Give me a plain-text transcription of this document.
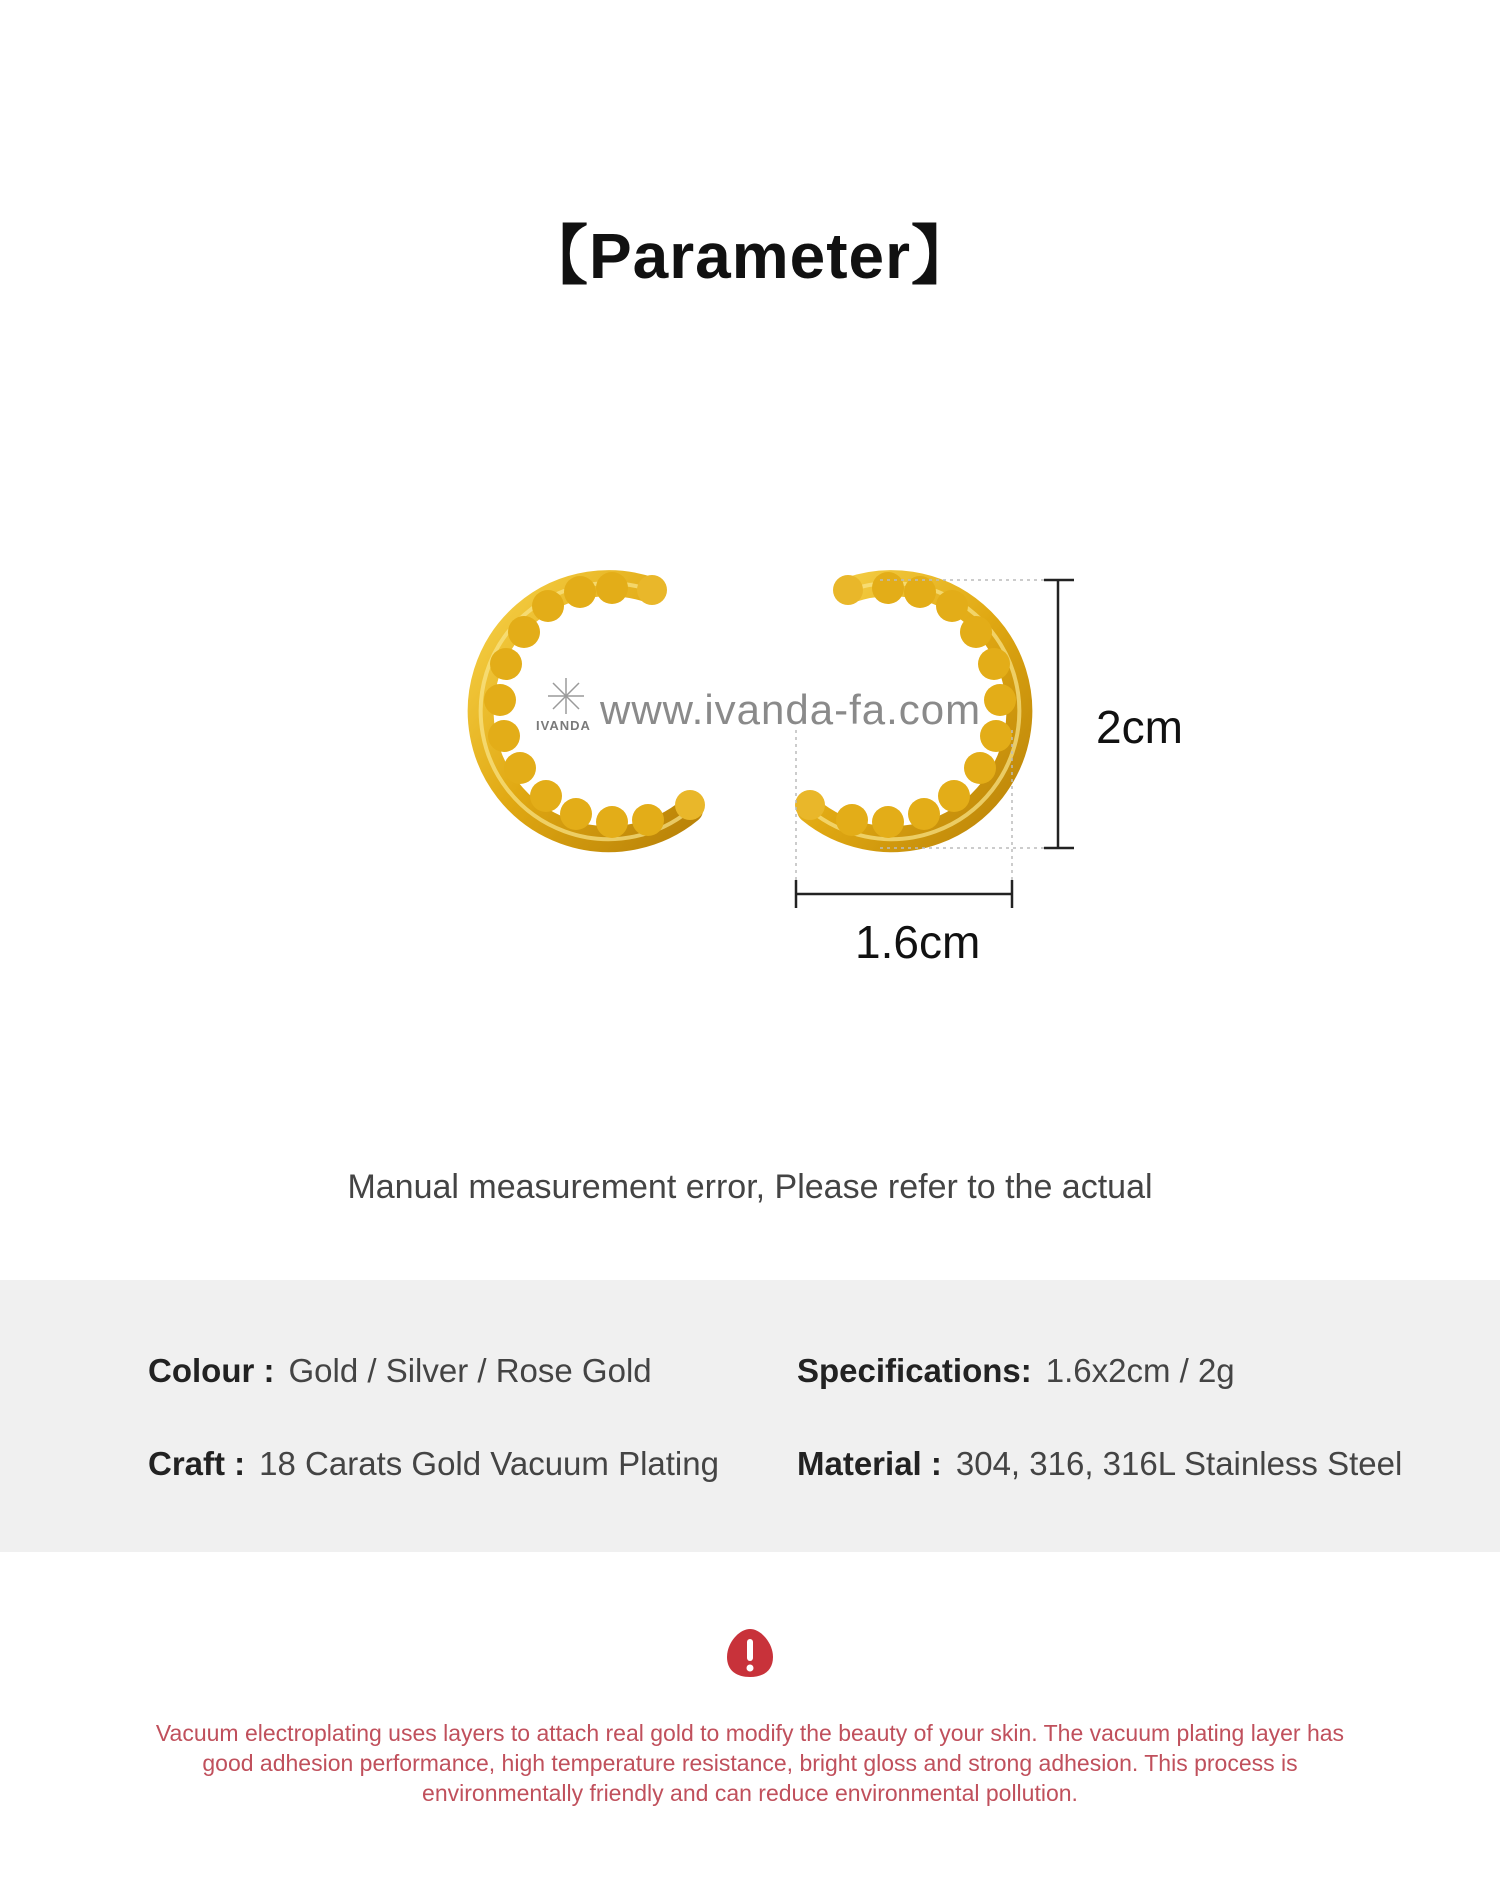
【Parameter】
IVANDA www.ivanda-fa.com 2cm
1.6cm
Manual measurement error, Please refer to the actual
Colour : Gold / Silver / Rose Gold	Specifications: 1.6x2cm / 2g
Craft : 18 Carats Gold Vacuum Plating Material : 304, 316, 316L Stainless Steel
Vacuum electroplating uses layers to attach real gold to modify the beauty of your skin. The vacuum plating layer has good adhesion performance, high temperature resistance, bright gloss and strong adhesion. This process is environmentally friendly and can reduce environmental pollution.
